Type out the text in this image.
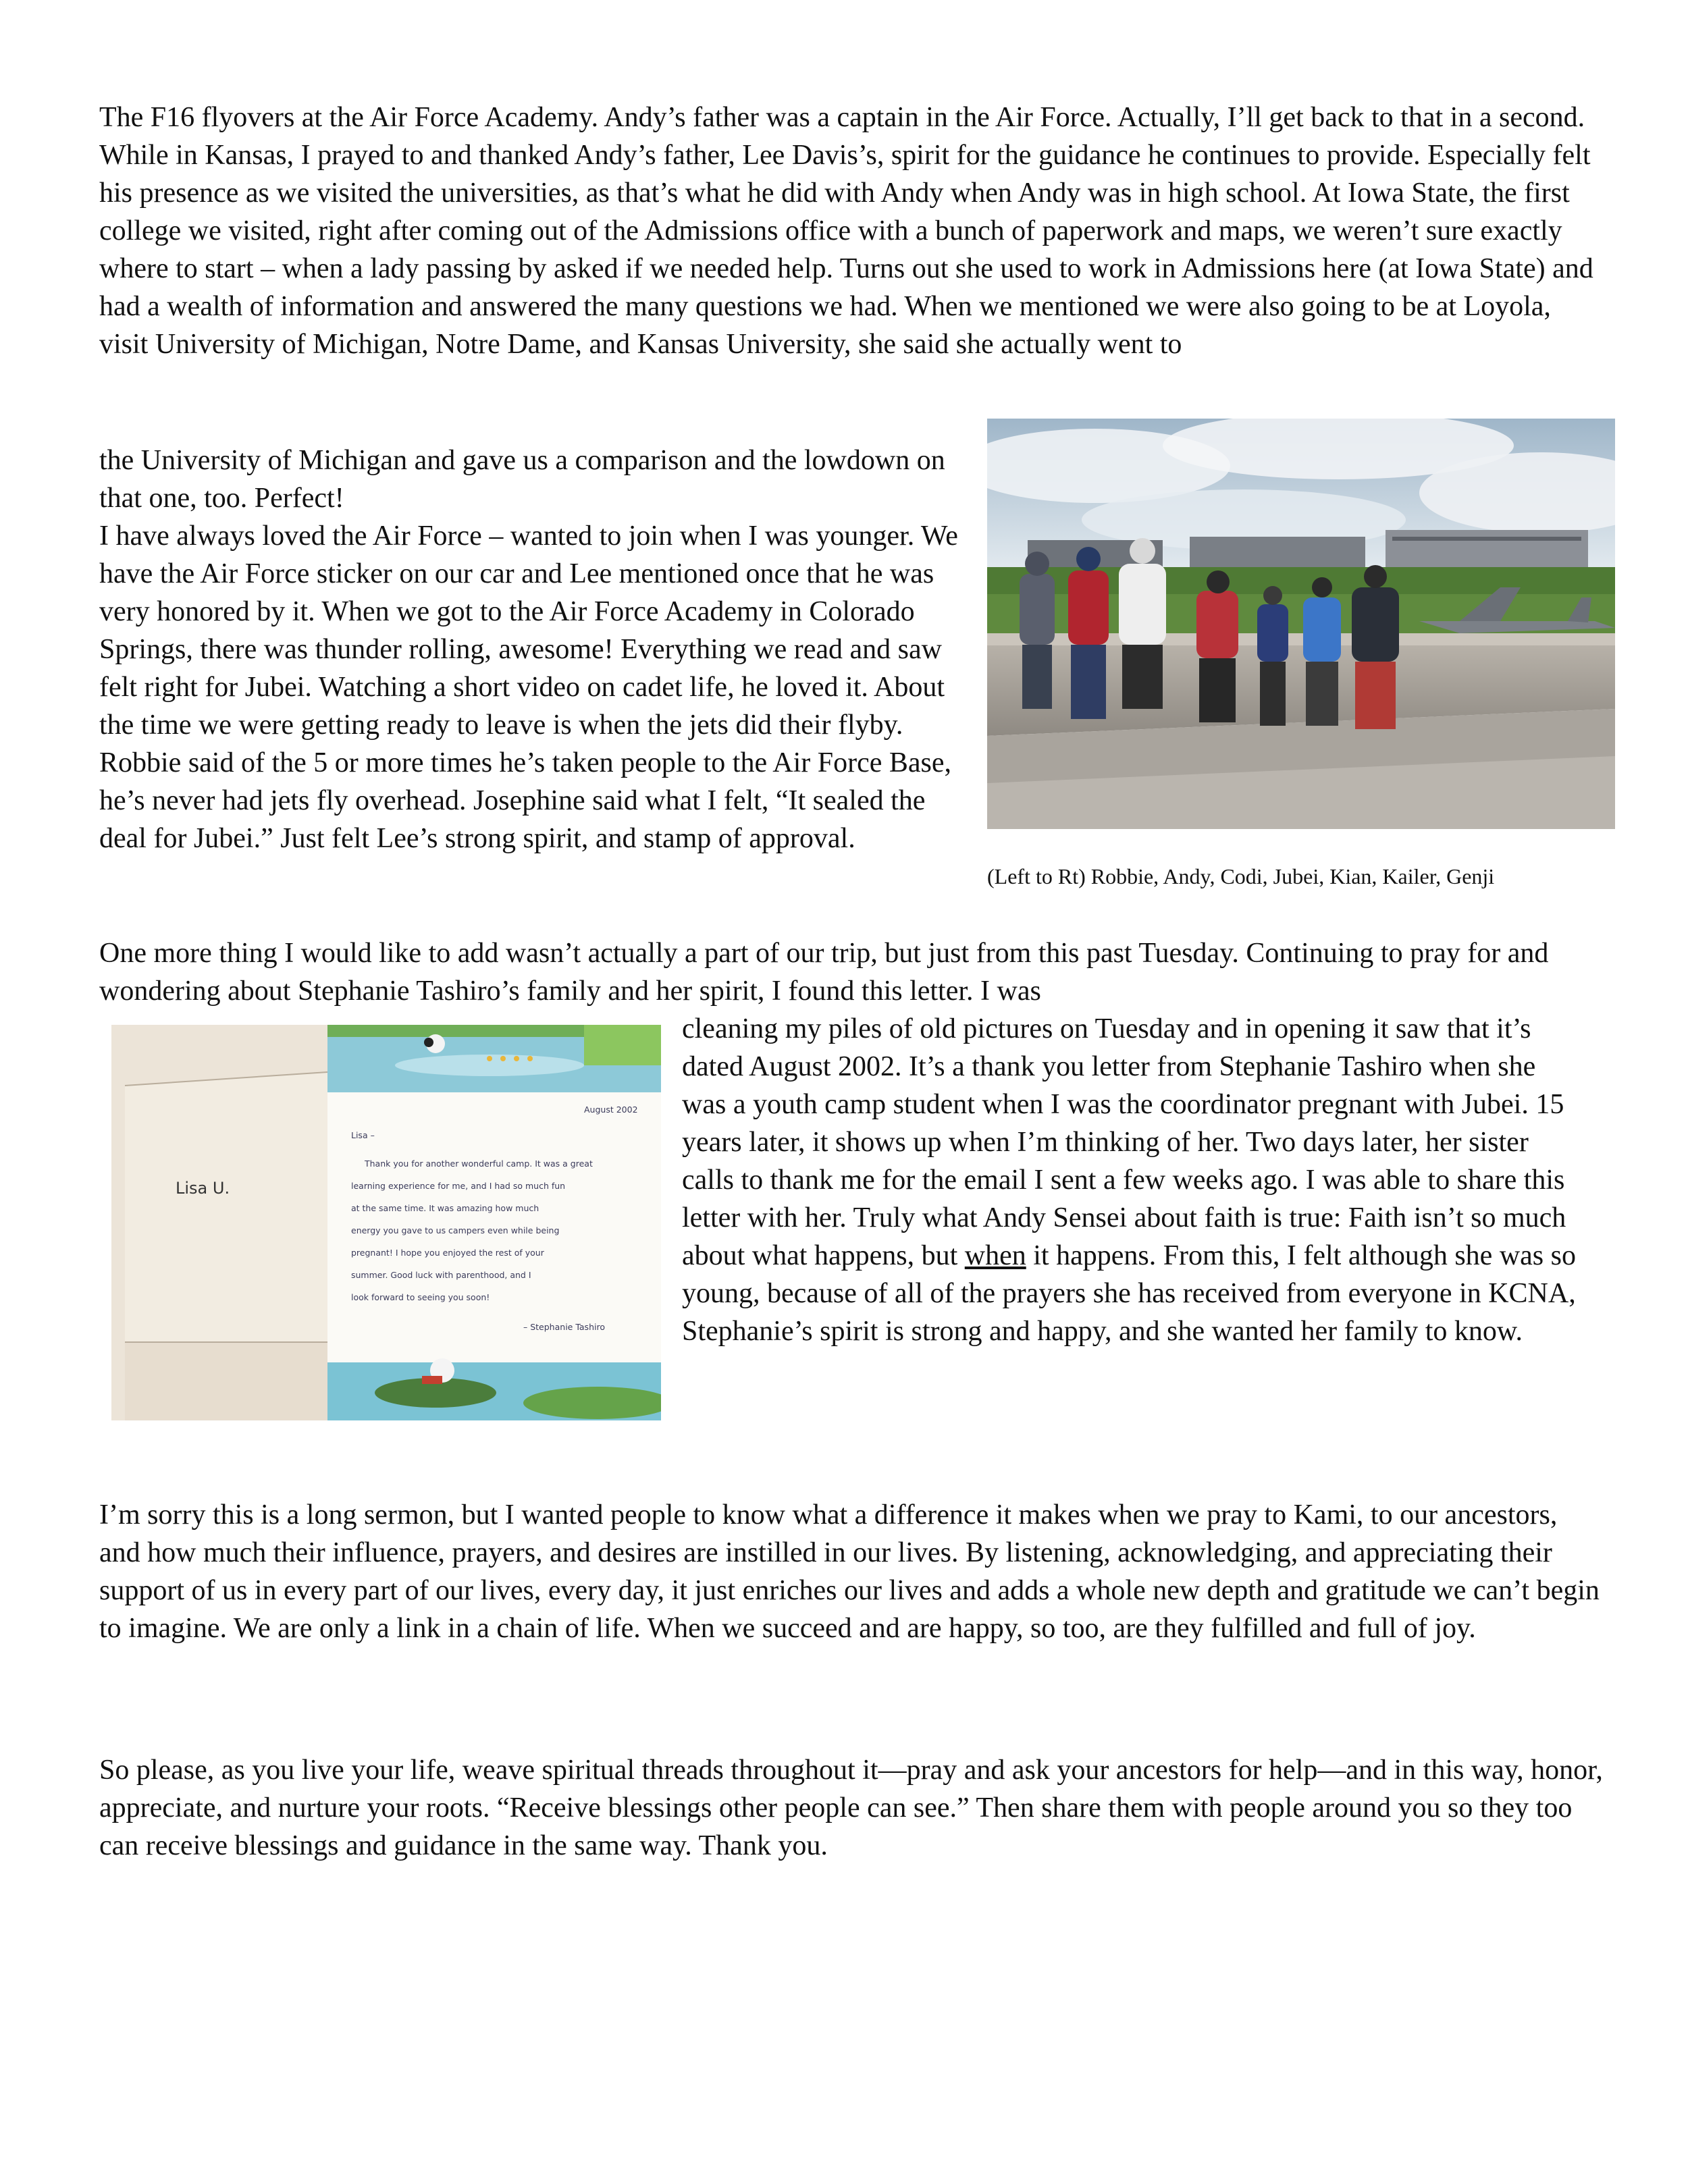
The F16 flyovers at the Air Force Academy. Andy’s father was a captain in the Air Force. Actually, I’ll get back to that in a second. While in Kansas, I prayed to and thanked Andy’s father, Lee Davis’s, spirit for the guidance he continues to provide. Especially felt his presence as we visited the universities, as that’s what he did with Andy when Andy was in high school. At Iowa State, the first college we visited, right after coming out of the Admissions office with a bunch of paperwork and maps, we weren’t sure exactly where to start – when a lady passing by asked if we needed help. Turns out she used to work in Admissions here (at Iowa State) and had a wealth of information and answered the many questions we had. When we mentioned we were also going to be at Loyola, visit University of Michigan, Notre Dame, and Kansas University, she said she actually went to

the University of Michigan and gave us a comparison and the lowdown on that one, too. Perfect!

I have always loved the Air Force – wanted to join when I was younger. We have the Air Force sticker on our car and Lee mentioned once that he was very honored by it. When we got to the Air Force Academy in Colorado Springs, there was thunder rolling, awesome! Everything we read and saw felt right for Jubei. Watching a short video on cadet life, he loved it. About the time we were getting ready to leave is when the jets did their flyby. Robbie said of the 5 or more times he’s taken people to the Air Force Base, he’s never had jets fly overhead. Josephine said what I felt, “It sealed the deal for Jubei.” Just felt Lee’s strong spirit, and stamp of approval.

(Left to Rt) Robbie, Andy, Codi, Jubei, Kian, Kailer, Genji

One more thing I would like to add wasn’t actually a part of our trip, but just from this past Tuesday. Continuing to pray for and wondering about Stephanie Tashiro’s family and her spirit, I found this letter. I was

Lisa U.
August 2002
Lisa –
Thank you for another wonderful camp. It was a great
learning experience for me, and I had so much fun
at the same time. It was amazing how much
energy you gave to us campers even while being
pregnant! I hope you enjoyed the rest of your
summer. Good luck with parenthood, and I
look forward to seeing you soon!
– Stephanie Tashiro

cleaning my piles of old pictures on Tuesday and in opening it saw that it’s dated August 2002. It’s a thank you letter from Stephanie Tashiro when she was a youth camp student when I was the coordinator pregnant with Jubei. 15 years later, it shows up when I’m thinking of her. Two days later, her sister calls to thank me for the email I sent a few weeks ago. I was able to share this letter with her. Truly what Andy Sensei about faith is true: Faith isn’t so much about what happens, but when it happens. From this, I felt although she was so young, because of all of the prayers she has received from everyone in KCNA, Stephanie’s spirit is strong and happy, and she wanted her family to know.

I’m sorry this is a long sermon, but I wanted people to know what a difference it makes when we pray to Kami, to our ancestors, and how much their influence, prayers, and desires are instilled in our lives. By listening, acknowledging, and appreciating their support of us in every part of our lives, every day, it just enriches our lives and adds a whole new depth and gratitude we can’t begin to imagine. We are only a link in a chain of life. When we succeed and are happy, so too, are they fulfilled and full of joy.

So please, as you live your life, weave spiritual threads throughout it—pray and ask your ancestors for help—and in this way, honor, appreciate, and nurture your roots. “Receive blessings other people can see.” Then share them with people around you so they too can receive blessings and guidance in the same way. Thank you.
